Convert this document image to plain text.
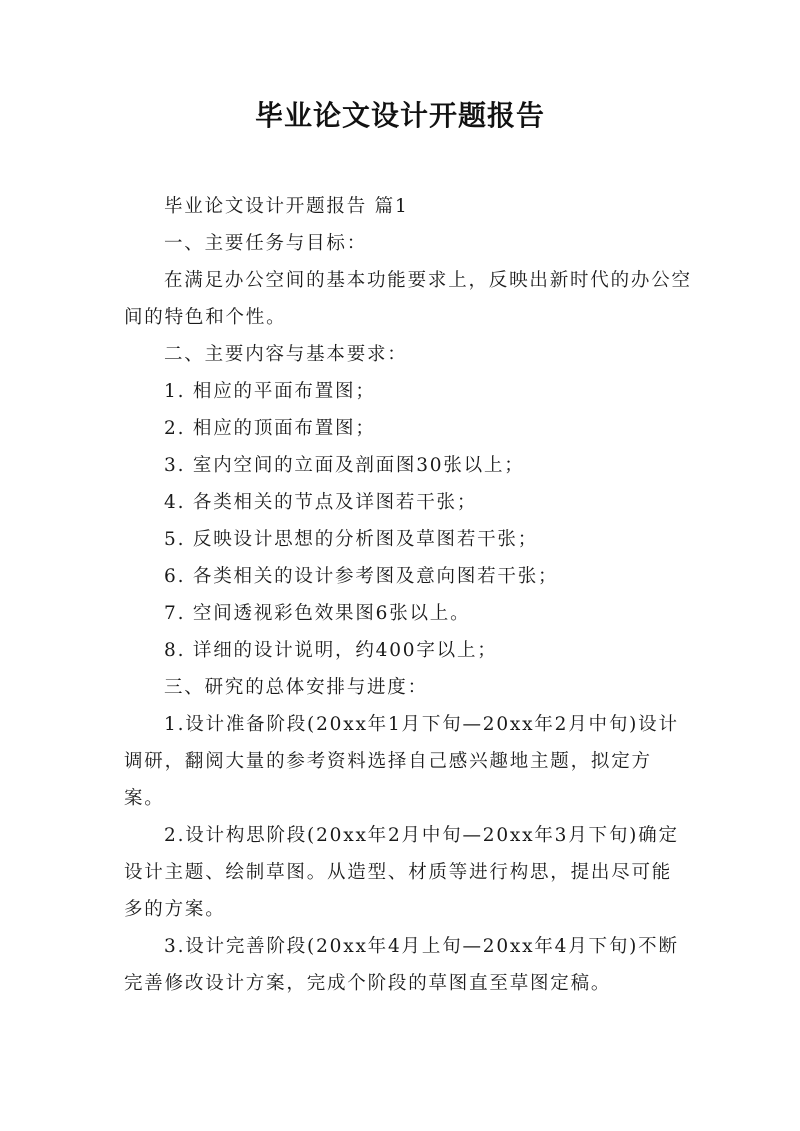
毕业论文设计开题报告

毕业论文设计开题报告 篇1

一、主要任务与目标：

在满足办公空间的基本功能要求上，反映出新时代的办公空间的特色和个性。

二、主要内容与基本要求：

1. 相应的平面布置图；

2. 相应的顶面布置图；

3. 室内空间的立面及剖面图30张以上；

4. 各类相关的节点及详图若干张；

5. 反映设计思想的分析图及草图若干张；

6. 各类相关的设计参考图及意向图若干张；

7. 空间透视彩色效果图6张以上。

8. 详细的设计说明，约400字以上；

三、研究的总体安排与进度：

1.设计准备阶段(20xx年1月下旬—20xx年2月中旬)设计调研，翻阅大量的参考资料选择自己感兴趣地主题，拟定方案。

2.设计构思阶段(20xx年2月中旬—20xx年3月下旬)确定设计主题、绘制草图。从造型、材质等进行构思，提出尽可能多的方案。

3.设计完善阶段(20xx年4月上旬—20xx年4月下旬)不断完善修改设计方案，完成个阶段的草图直至草图定稿。
